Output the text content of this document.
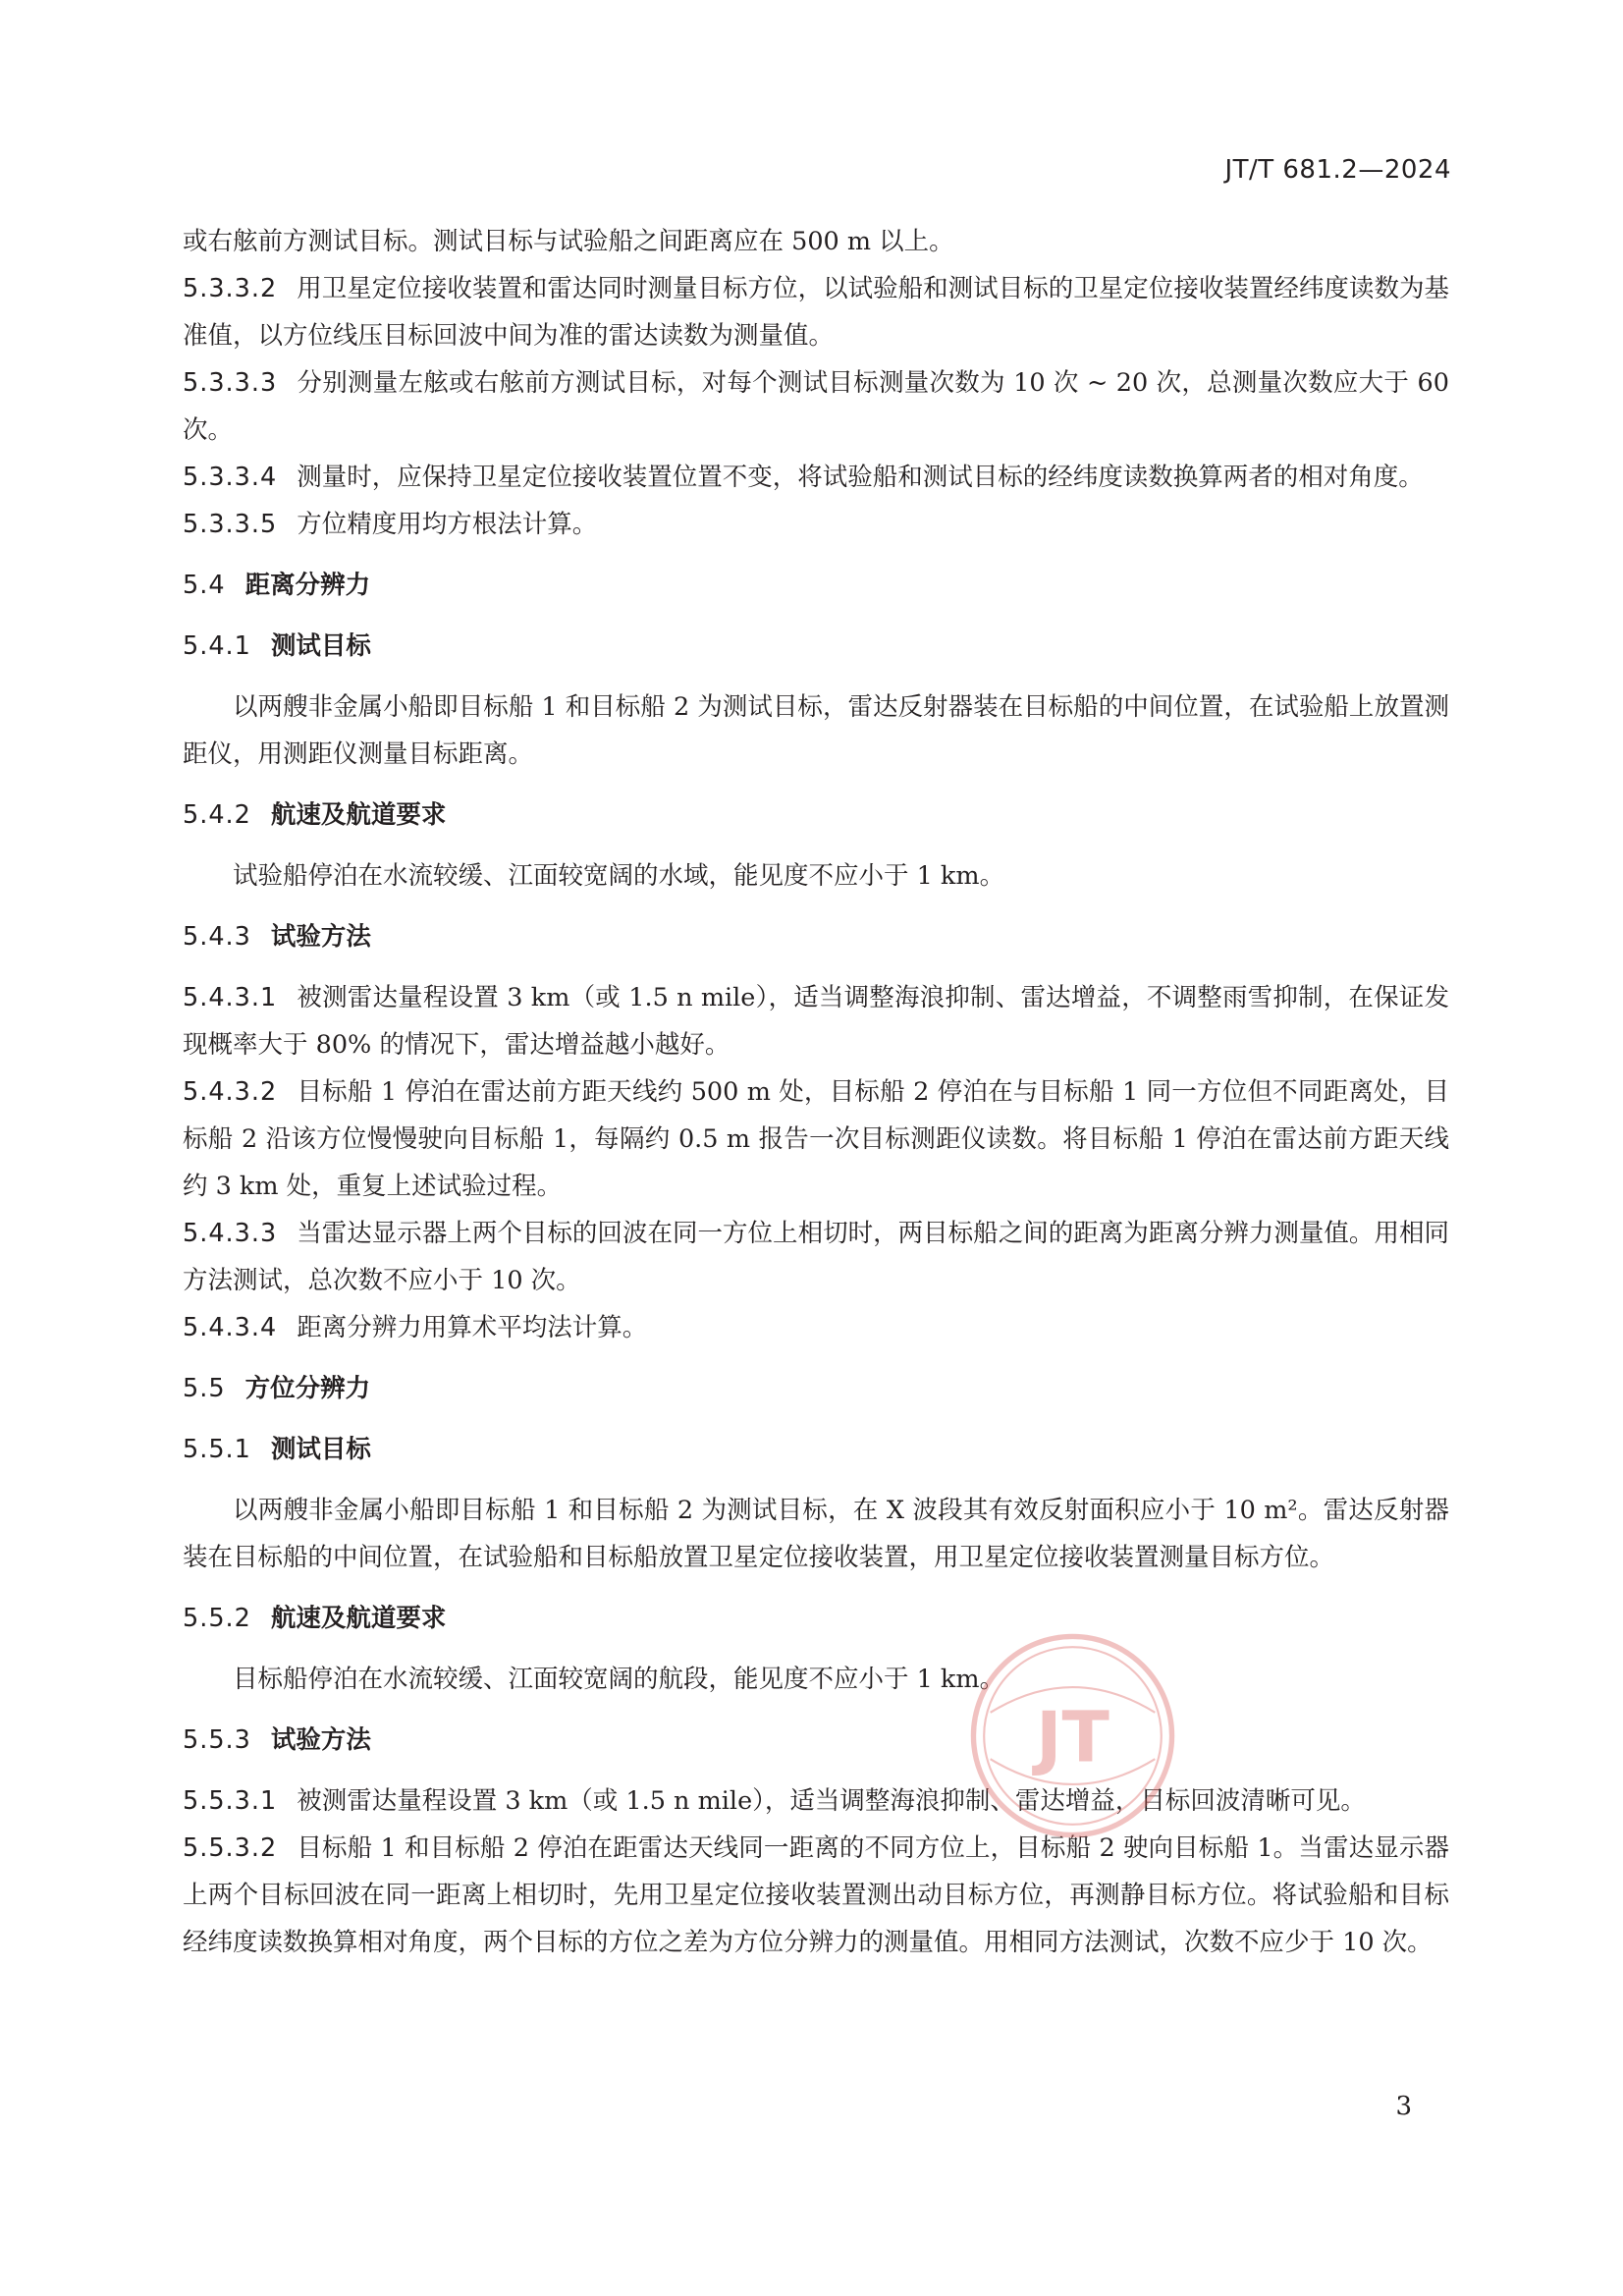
JT/T 681.2—2024

或右舷前方测试目标。测试目标与试验船之间距离应在 500 m 以上。

5.3.3.2 用卫星定位接收装置和雷达同时测量目标方位，以试验船和测试目标的卫星定位接收装置经纬度读数为基准值，以方位线压目标回波中间为准的雷达读数为测量值。

5.3.3.3 分别测量左舷或右舷前方测试目标，对每个测试目标测量次数为 10 次 ~ 20 次，总测量次数应大于 60 次。

5.3.3.4 测量时，应保持卫星定位接收装置位置不变，将试验船和测试目标的经纬度读数换算两者的相对角度。

5.3.3.5 方位精度用均方根法计算。

5.4 距离分辨力

5.4.1 测试目标

以两艘非金属小船即目标船 1 和目标船 2 为测试目标，雷达反射器装在目标船的中间位置，在试验船上放置测距仪，用测距仪测量目标距离。

5.4.2 航速及航道要求

试验船停泊在水流较缓、江面较宽阔的水域，能见度不应小于 1 km。

5.4.3 试验方法

5.4.3.1 被测雷达量程设置 3 km（或 1.5 n mile），适当调整海浪抑制、雷达增益，不调整雨雪抑制，在保证发现概率大于 80% 的情况下，雷达增益越小越好。

5.4.3.2 目标船 1 停泊在雷达前方距天线约 500 m 处，目标船 2 停泊在与目标船 1 同一方位但不同距离处，目标船 2 沿该方位慢慢驶向目标船 1，每隔约 0.5 m 报告一次目标测距仪读数。将目标船 1 停泊在雷达前方距天线约 3 km 处，重复上述试验过程。

5.4.3.3 当雷达显示器上两个目标的回波在同一方位上相切时，两目标船之间的距离为距离分辨力测量值。用相同方法测试，总次数不应小于 10 次。

5.4.3.4 距离分辨力用算术平均法计算。

5.5 方位分辨力

5.5.1 测试目标

以两艘非金属小船即目标船 1 和目标船 2 为测试目标，在 X 波段其有效反射面积应小于 10 m²。雷达反射器装在目标船的中间位置，在试验船和目标船放置卫星定位接收装置，用卫星定位接收装置测量目标方位。

5.5.2 航速及航道要求

目标船停泊在水流较缓、江面较宽阔的航段，能见度不应小于 1 km。

5.5.3 试验方法

5.5.3.1 被测雷达量程设置 3 km（或 1.5 n mile），适当调整海浪抑制、雷达增益，目标回波清晰可见。

5.5.3.2 目标船 1 和目标船 2 停泊在距雷达天线同一距离的不同方位上，目标船 2 驶向目标船 1。当雷达显示器上两个目标回波在同一距离上相切时，先用卫星定位接收装置测出动目标方位，再测静目标方位。将试验船和目标经纬度读数换算相对角度，两个目标的方位之差为方位分辨力的测量值。用相同方法测试，次数不应少于 10 次。

JT
3
